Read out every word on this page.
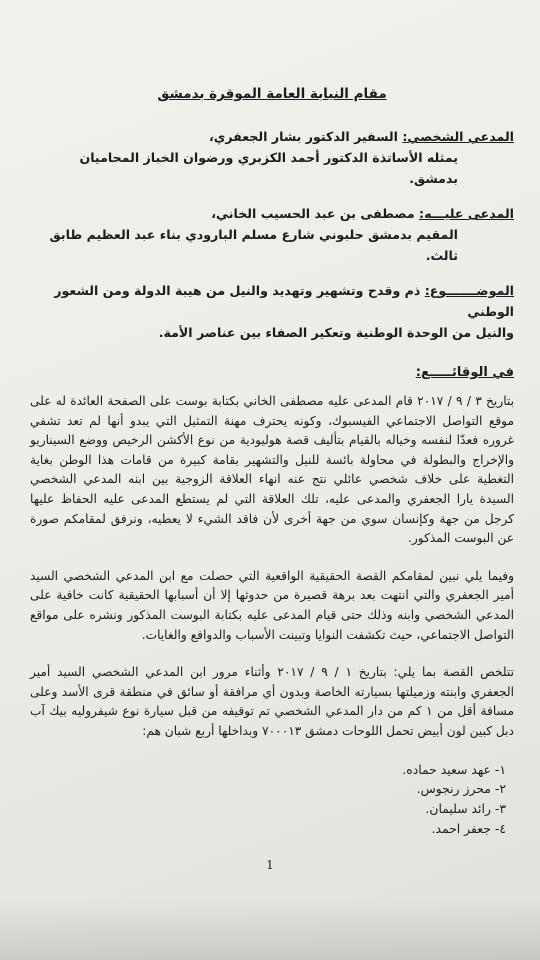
مقام النيابة العامة الموقرة بدمشق
المدعي الشخصي: السفير الدكتور بشار الجعفري،
يمثله الأساتذة الدكتور أحمد الكزبري ورضوان الخباز المحاميان بدمشق.
المدعى عليـــه: مصطفى بن عبد الحسيب الخاني،
المقيم بدمشق حلبوني شارع مسلم البارودي بناء عبد العظيم طابق ثالث.
الموضـــــــوع: ذم وقدح وتشهير وتهديد والنيل من هيبة الدولة ومن الشعور الوطني
والنيل من الوحدة الوطنية وتعكير الصفاء بين عناصر الأمة.
في الوقائـــــع:

بتاريخ ٣ / ٩ / ٢٠١٧ قام المدعى عليه مصطفى الخاني بكتابة بوست على الصفحة العائدة له على موقع التواصل الاجتماعي الفيسبوك، وكونه يحترف مهنة التمثيل التي يبدو أنها لم تعد تشفي غروره فعدّا لنفسه وخياله بالقيام بتأليف قصة هوليودية من نوع الأكشن الرخيص ووضع السيناريو والإخراج والبطولة في محاولة بائسة للنيل والتشهير بقامة كبيرة من قامات هذا الوطن بغاية التغطية على خلاف شخصي عائلي نتج عنه انهاء العلاقة الزوجية بين ابنه المدعي الشخصي السيدة يارا الجعفري والمدعى عليه، تلك العلاقة التي لم يستطع المدعى عليه الحفاظ عليها كرجل من جهة وكإنسان سوي من جهة أخرى لأن فاقد الشيء لا يعطيه، ونرفق لمقامكم صورة عن البوست المذكور.

وفيما يلي نبين لمقامكم القصة الحقيقية الواقعية التي حصلت مع ابن المدعي الشخصي السيد أمير الجعفري والتي انتهت بعد برهة قصيرة من حدوثها إلا أن أسبابها الحقيقية كانت خافية على المدعي الشخصي وابنه وذلك حتى قيام المدعى عليه بكتابة البوست المذكور ونشره على مواقع التواصل الاجتماعي، حيث تكشفت النوايا وتبينت الأسباب والدوافع والغايات.

تتلخص القصة بما يلي: بتاريخ ١ / ٩ / ٢٠١٧ وأثناء مرور ابن المدعي الشخصي السيد أمير الجعفري وابنته وزميلتها بسيارته الخاصة وبدون أي مرافقة أو سائق في منطقة قرى الأسد وعلى مسافة أقل من ١ كم من دار المدعي الشخصي تم توقيفه من قبل سيارة نوع شيفروليه بيك آب دبل كبين لون أبيض تحمل اللوحات دمشق ٧٠٠٠١٣ وبداخلها أربع شبان هم:

١- عهد سعيد حماده.
٢- محرز رنجوس.
٣- رائد سليمان.
٤- جعفر احمد.
1
